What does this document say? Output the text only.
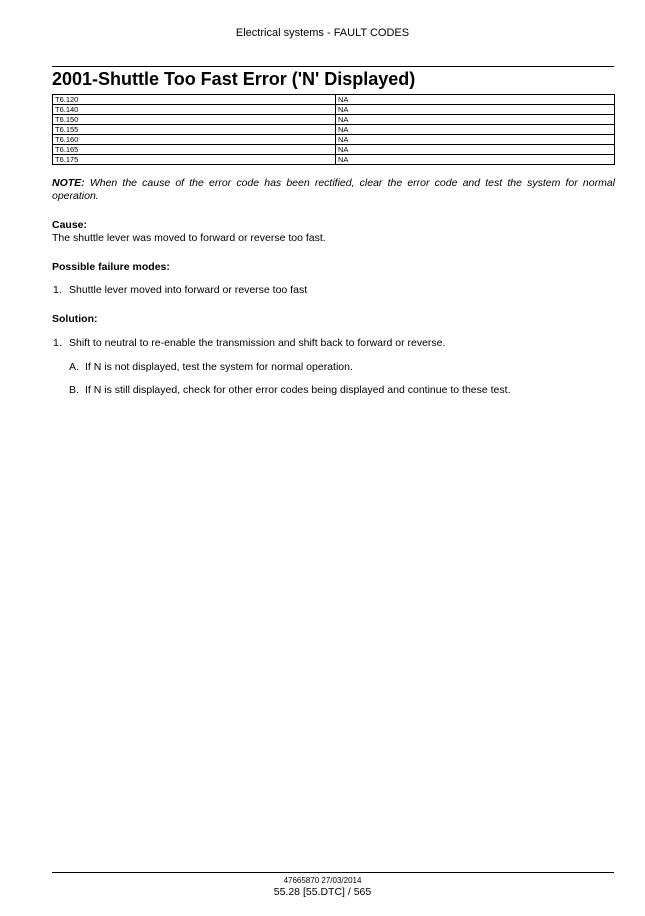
Electrical systems - FAULT CODES
2001-Shuttle Too Fast Error ('N' Displayed)
T6.120	NA
T6.140	NA
T6.150	NA
T6.155	NA
T6.160	NA
T6.165	NA
T6.175	NA
NOTE: When the cause of the error code has been rectified, clear the error code and test the system for normal operation.
Cause:
The shuttle lever was moved to forward or reverse too fast.
Possible failure modes:
1. Shuttle lever moved into forward or reverse too fast
Solution:
1. Shift to neutral to re-enable the transmission and shift back to forward or reverse.
A. If N is not displayed, test the system for normal operation.
B. If N is still displayed, check for other error codes being displayed and continue to these test.
47665870 27/03/2014
55.28 [55.DTC] / 565
